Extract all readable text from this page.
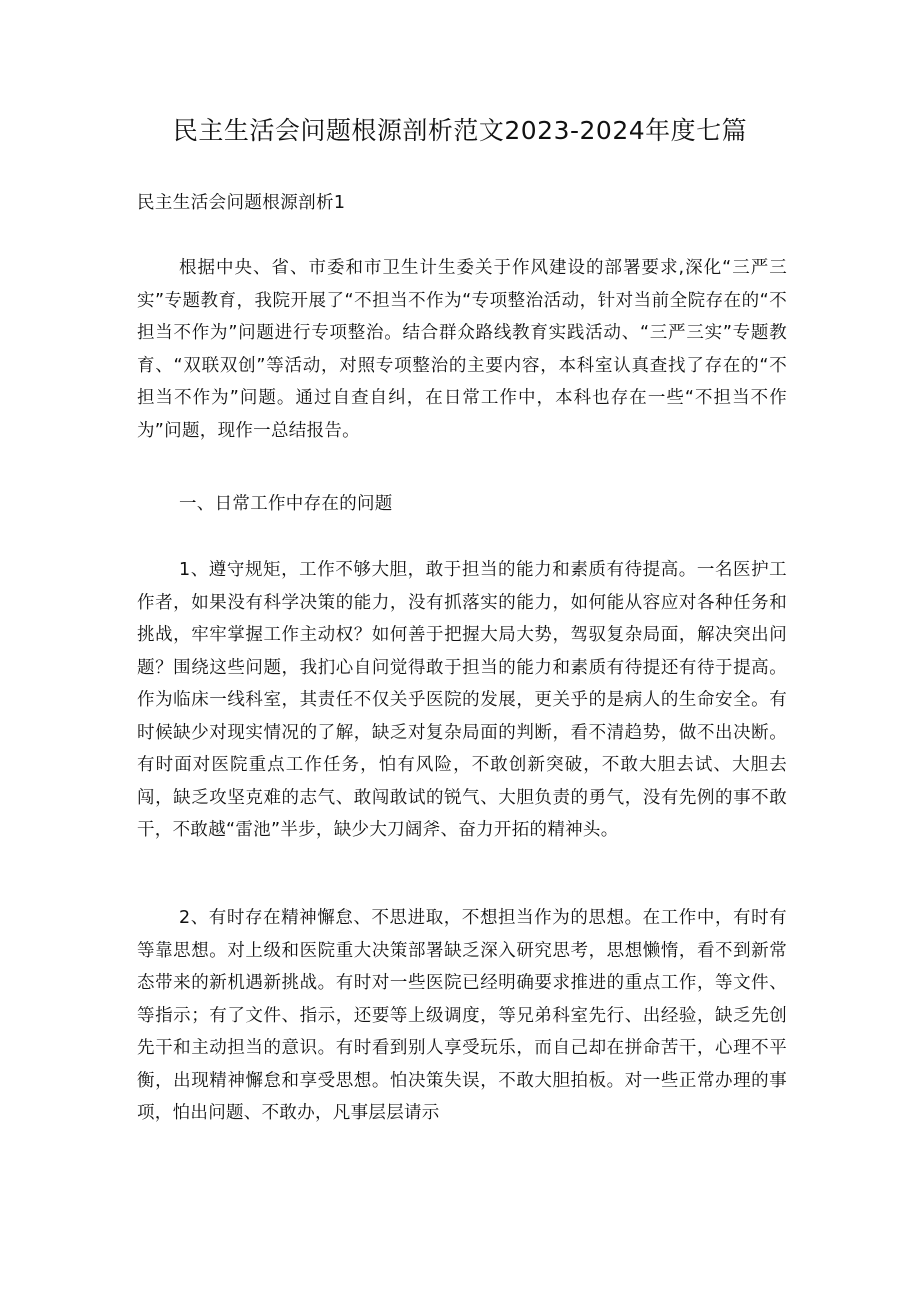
民主生活会问题根源剖析范文2023-2024年度七篇

民主生活会问题根源剖析1

根据中央、省、市委和市卫生计生委关于作风建设的部署要求,深化“三严三实”专题教育，我院开展了“不担当不作为“专项整治活动，针对当前全院存在的“不担当不作为”问题进行专项整治。结合群众路线教育实践活动、“三严三实”专题教育、“双联双创”等活动，对照专项整治的主要内容，本科室认真查找了存在的“不担当不作为”问题。通过自查自纠，在日常工作中，本科也存在一些“不担当不作为”问题，现作一总结报告。

一、日常工作中存在的问题

1、遵守规矩，工作不够大胆，敢于担当的能力和素质有待提高。一名医护工作者，如果没有科学决策的能力，没有抓落实的能力，如何能从容应对各种任务和挑战，牢牢掌握工作主动权？如何善于把握大局大势，驾驭复杂局面，解决突出问题？围绕这些问题，我扪心自问觉得敢于担当的能力和素质有待提还有待于提高。作为临床一线科室，其责任不仅关乎医院的发展，更关乎的是病人的生命安全。有时候缺少对现实情况的了解，缺乏对复杂局面的判断，看不清趋势，做不出决断。有时面对医院重点工作任务，怕有风险，不敢创新突破，不敢大胆去试、大胆去闯，缺乏攻坚克难的志气、敢闯敢试的锐气、大胆负责的勇气，没有先例的事不敢干，不敢越“雷池”半步，缺少大刀阔斧、奋力开拓的精神头。

2、有时存在精神懈怠、不思进取，不想担当作为的思想。在工作中，有时有等靠思想。对上级和医院重大决策部署缺乏深入研究思考，思想懒惰，看不到新常态带来的新机遇新挑战。有时对一些医院已经明确要求推进的重点工作，等文件、等指示；有了文件、指示，还要等上级调度，等兄弟科室先行、出经验，缺乏先创先干和主动担当的意识。有时看到别人享受玩乐，而自己却在拼命苦干，心理不平衡，出现精神懈怠和享受思想。怕决策失误，不敢大胆拍板。对一些正常办理的事项，怕出问题、不敢办，凡事层层请示
